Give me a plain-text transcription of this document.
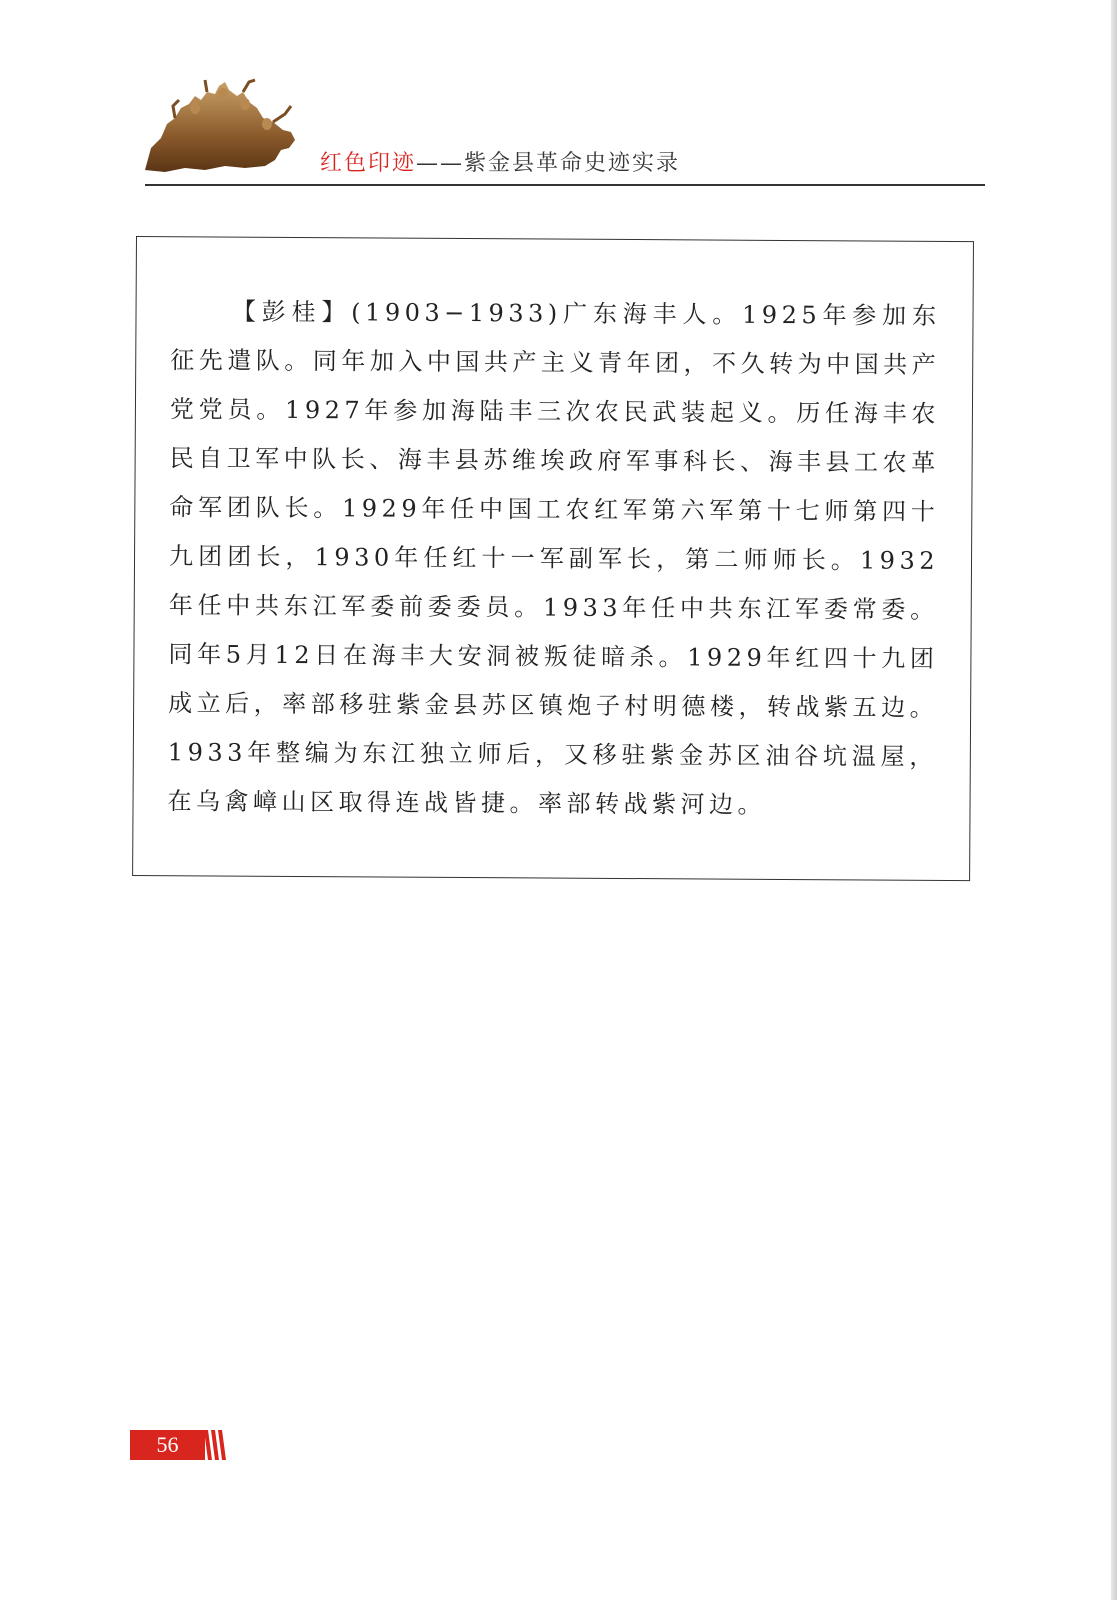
红色印迹——紫金县革命史迹实录

【彭桂】(1903−1933)广东海丰人。1925年参加东征先遣队。同年加入中国共产主义青年团，不久转为中国共产党党员。1927年参加海陆丰三次农民武装起义。历任海丰农民自卫军中队长、海丰县苏维埃政府军事科长、海丰县工农革命军团队长。1929年任中国工农红军第六军第十七师第四十九团团长，1930年任红十一军副军长，第二师师长。1932年任中共东江军委前委委员。1933年任中共东江军委常委。同年5月12日在海丰大安洞被叛徒暗杀。1929年红四十九团成立后，率部移驻紫金县苏区镇炮子村明德楼，转战紫五边。1933年整编为东江独立师后，又移驻紫金苏区油谷坑温屋，在乌禽嶂山区取得连战皆捷。率部转战紫河边。

56
